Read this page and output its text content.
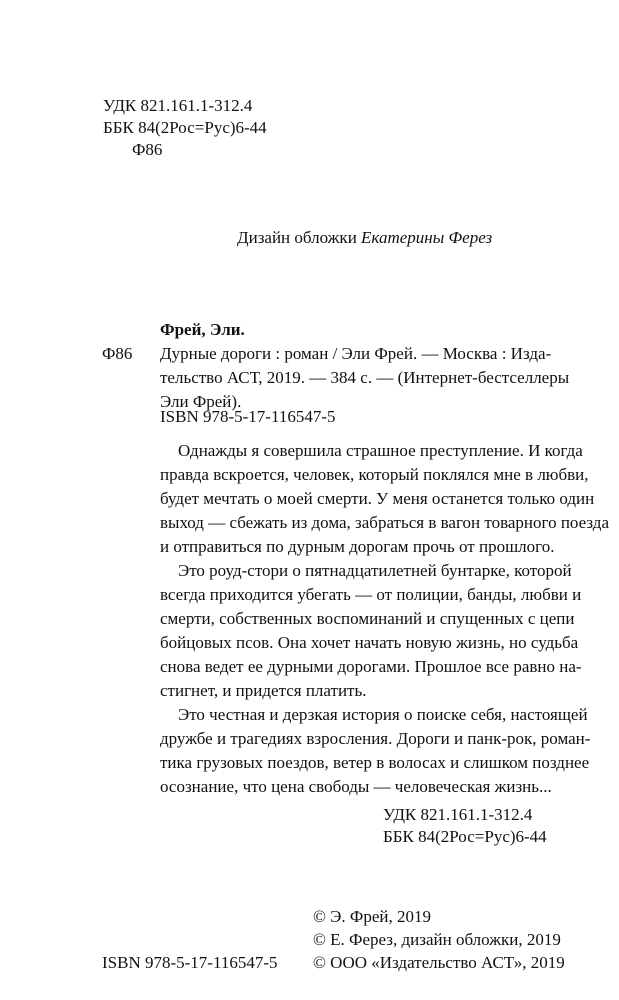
УДК 821.161.1-312.4
ББК 84(2Рос=Рус)6-44
Ф86
Дизайн обложки Екатерины Ферез
Фрей, Эли.
Ф86 Дурные дороги : роман / Эли Фрей. — Москва : Изда-
тельство АСТ, 2019. — 384 с. — (Интернет-бестселлеры
Эли Фрей).
ISBN 978-5-17-116547-5
Однажды я совершила страшное преступление. И когда
правда вскроется, человек, который поклялся мне в любви,
будет мечтать о моей смерти. У меня останется только один
выход — сбежать из дома, забраться в вагон товарного поезда
и отправиться по дурным дорогам прочь от прошлого.
Это роуд-стори о пятнадцатилетней бунтарке, которой
всегда приходится убегать — от полиции, банды, любви и
смерти, собственных воспоминаний и спущенных с цепи
бойцовых псов. Она хочет начать новую жизнь, но судьба
снова ведет ее дурными дорогами. Прошлое все равно на-
стигнет, и придется платить.
Это честная и дерзкая история о поиске себя, настоящей
дружбе и трагедиях взросления. Дороги и панк-рок, роман-
тика грузовых поездов, ветер в волосах и слишком позднее
осознание, что цена свободы — человеческая жизнь...
УДК 821.161.1-312.4
ББК 84(2Рос=Рус)6-44
© Э. Фрей, 2019
© Е. Ферез, дизайн обложки, 2019
© ООО «Издательство АСТ», 2019
ISBN 978-5-17-116547-5
